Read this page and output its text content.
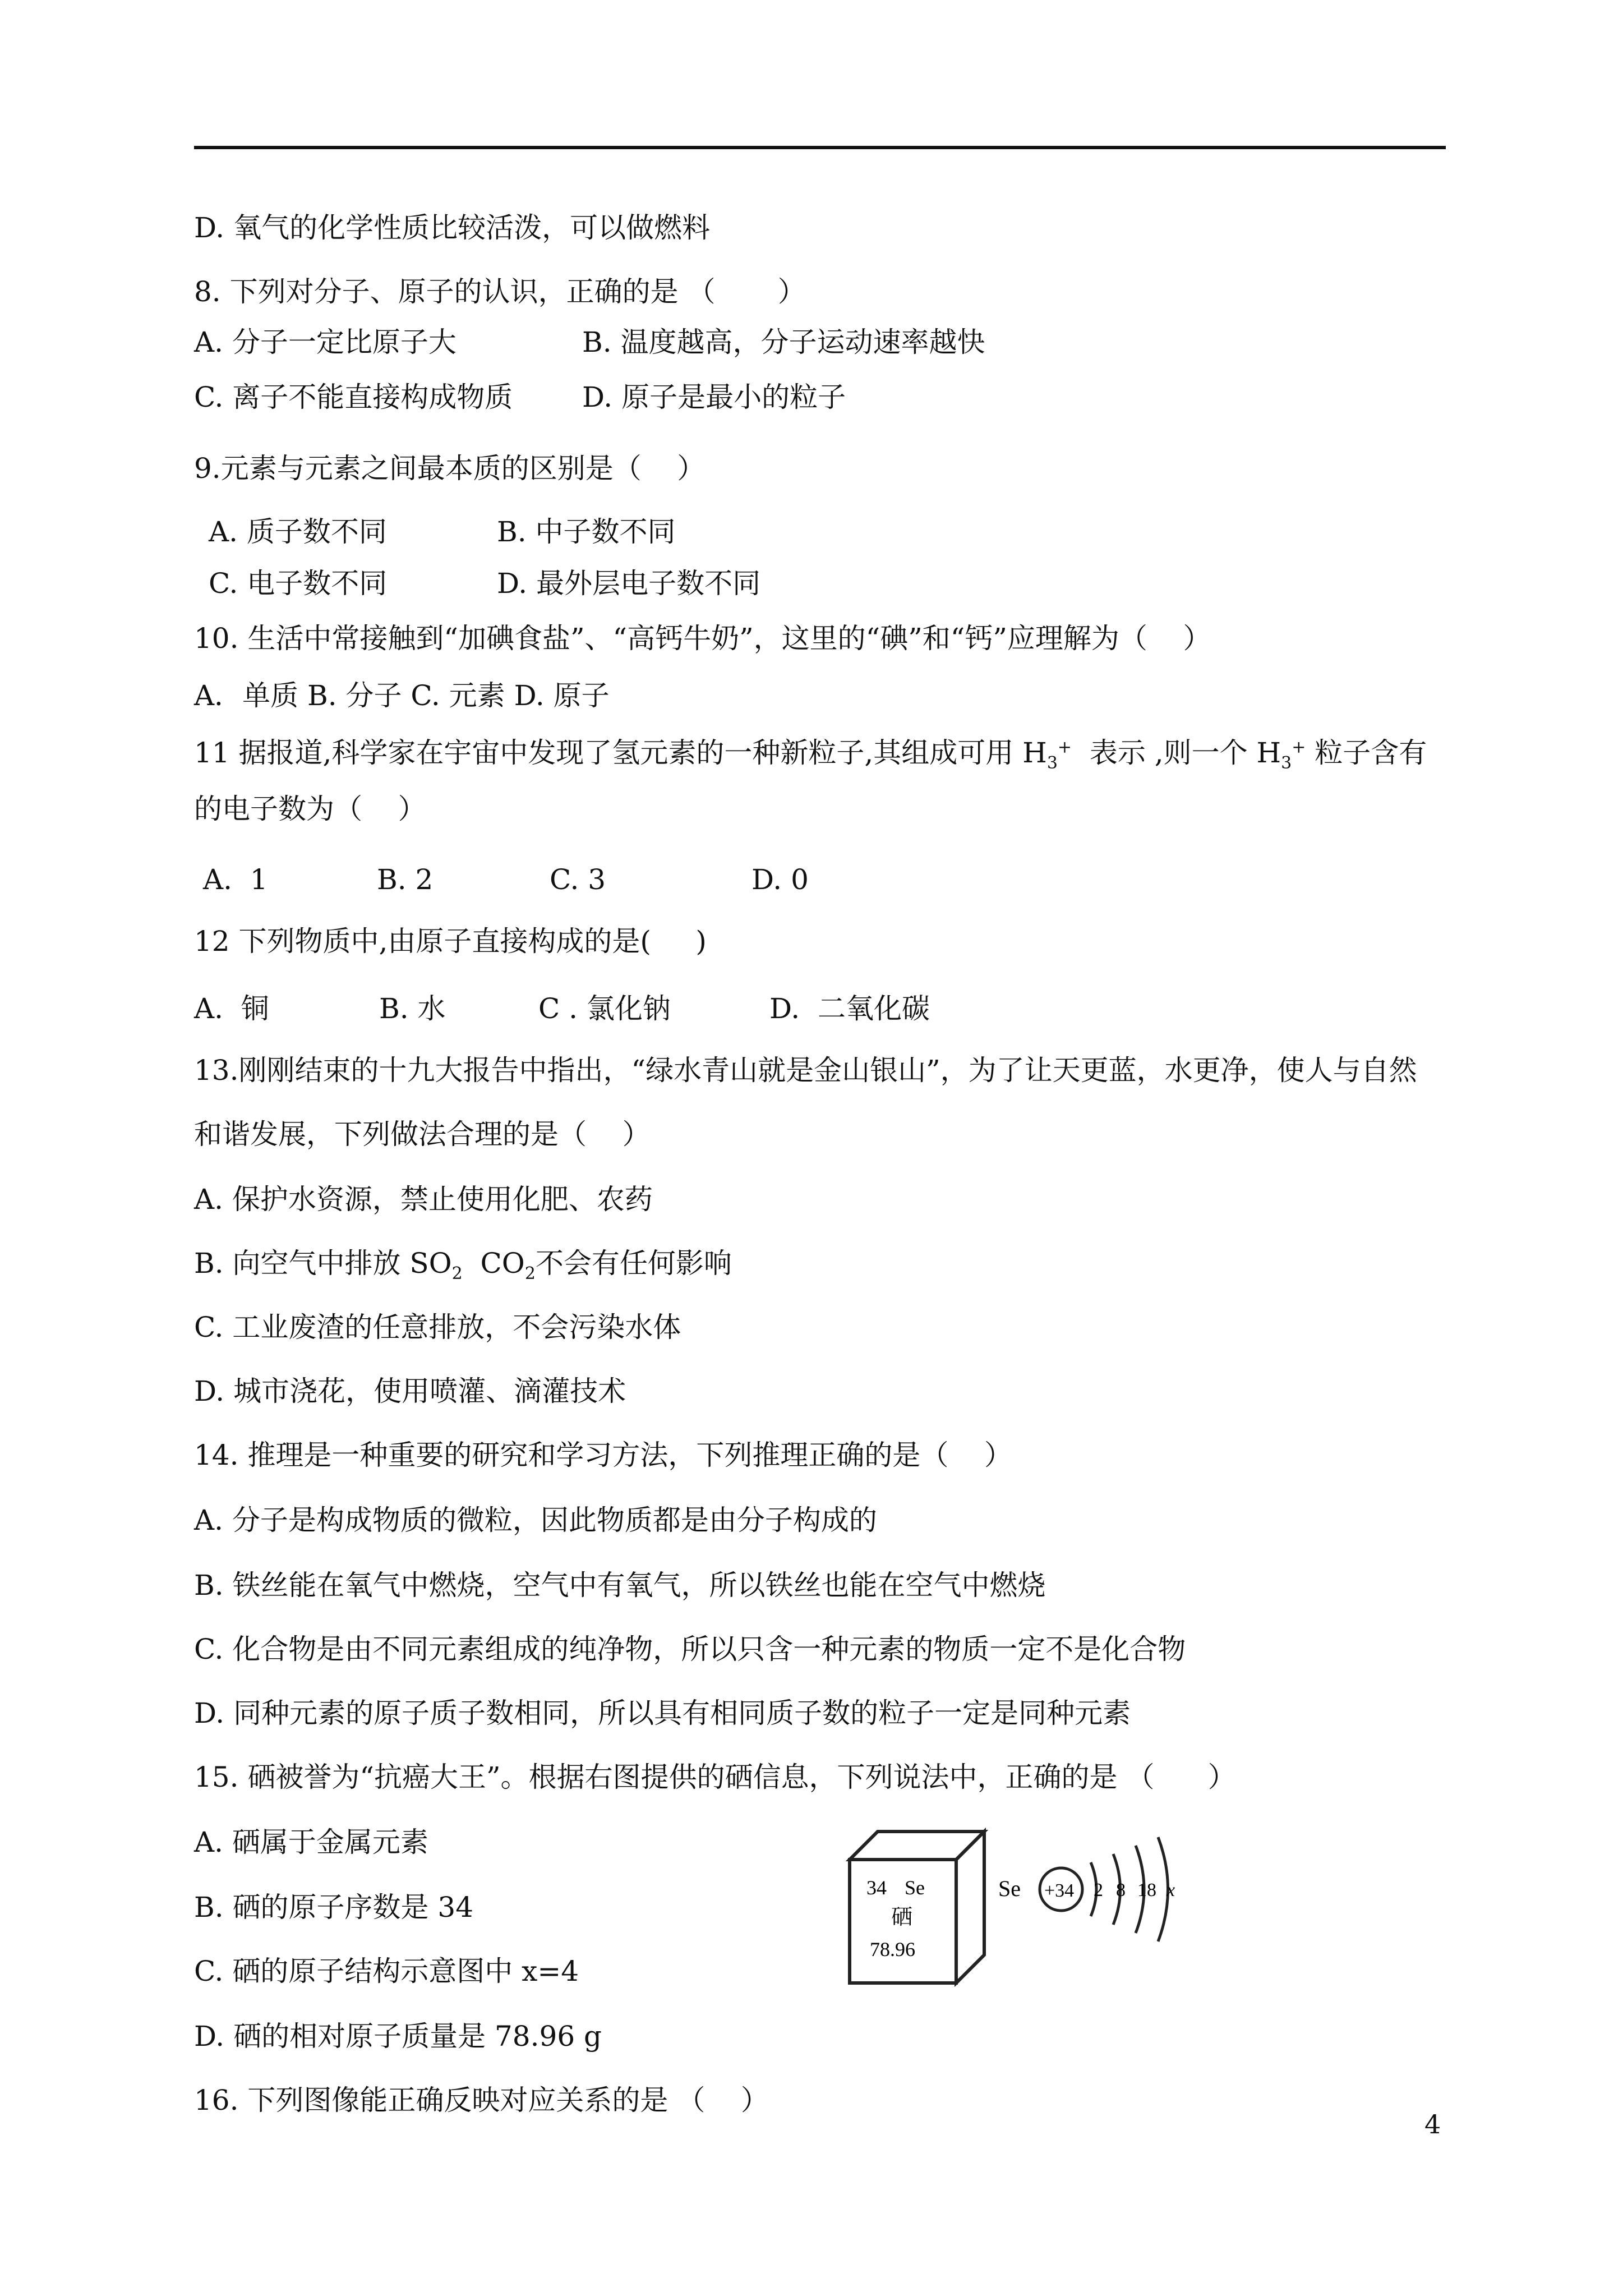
D. 氧气的化学性质比较活泼，可以做燃料
8. 下列对分子、原子的认识，正确的是 （       ）
A. 分子一定比原子大	B. 温度越高，分子运动速率越快
C. 离子不能直接构成物质 D. 原子是最小的粒子
9.元素与元素之间最本质的区别是（    ）
A. 质子数不同	B. 中子数不同
C. 电子数不同	D. 最外层电子数不同
10. 生活中常接触到“加碘食盐”、“高钙牛奶”，这里的“碘”和“钙”应理解为（    ）
A．单质 B. 分子 C. 元素 D. 原子
11 据报道,科学家在宇宙中发现了氢元素的一种新粒子,其组成可用 $H_3^+$  表示 ,则一个 $H_3^+$ 粒子含有
的电子数为（    ）
A.  1	B. 2	C. 3	D. 0
12 下列物质中,由原子直接构成的是(     )
A.  铜	B. 水	C . 氯化钠	D.  二氧化碳
13.刚刚结束的十九大报告中指出，“绿水青山就是金山银山”，为了让天更蓝，水更净，使人与自然
和谐发展，下列做法合理的是（    ）
A. 保护水资源，禁止使用化肥、农药
B. 向空气中排放 $SO_2$  $CO_2$不会有任何影响
C. 工业废渣的任意排放，不会污染水体
D. 城市浇花，使用喷灌、滴灌技术
14. 推理是一种重要的研究和学习方法，下列推理正确的是（    ）
A. 分子是构成物质的微粒，因此物质都是由分子构成的
B. 铁丝能在氧气中燃烧，空气中有氧气，所以铁丝也能在空气中燃烧
C. 化合物是由不同元素组成的纯净物，所以只含一种元素的物质一定不是化合物
D. 同种元素的原子质子数相同，所以具有相同质子数的粒子一定是同种元素
15. 硒被誉为“抗癌大王”。根据右图提供的硒信息，下列说法中，正确的是 （      ）
A. 硒属于金属元素
B. 硒的原子序数是 34
C. 硒的原子结构示意图中 x=4
D. 硒的相对原子质量是 78.96 g
16. 下列图像能正确反映对应关系的是 （    ）
34 Se
硒
78.96
Se +34 2 8 18 x
4
